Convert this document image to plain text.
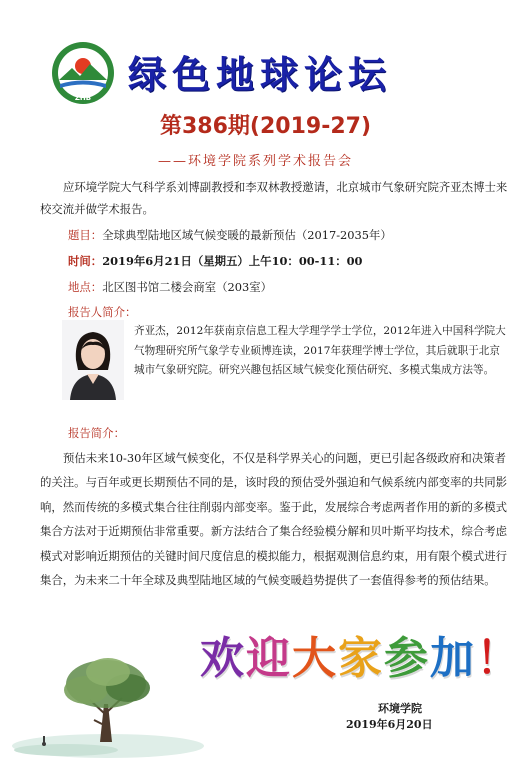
ZHB
绿色地球论坛
第386期(2019-27)
——环境学院系列学术报告会
应环境学院大气科学系刘博副教授和李双林教授邀请，北京城市气象研究院齐亚杰博士来校交流并做学术报告。
题目：全球典型陆地区域气候变暖的最新预估（2017-2035年）
时间：2019年6月21日（星期五）上午10：00-11：00
地点：北区图书馆二楼会商室（203室）
报告人简介：
齐亚杰，2012年获南京信息工程大学理学学士学位，2012年进入中国科学院大气物理研究所气象学专业硕博连读，2017年获理学博士学位，其后就职于北京城市气象研究院。研究兴趣包括区域气候变化预估研究、多模式集成方法等。
报告简介：
预估未来10-30年区域气候变化，不仅是科学界关心的问题，更已引起各级政府和决策者的关注。与百年或更长期预估不同的是，该时段的预估受外强迫和气候系统内部变率的共同影响，然而传统的多模式集合往往削弱内部变率。鉴于此，发展综合考虑两者作用的新的多模式集合方法对于近期预估非常重要。新方法结合了集合经验模分解和贝叶斯平均技术，综合考虑模式对影响近期预估的关键时间尺度信息的模拟能力，根据观测信息约束，用有限个模式进行集合，为未来二十年全球及典型陆地区域的气候变暖趋势提供了一套值得参考的预估结果。
欢迎大家参加！
环境学院
2019年6月20日
